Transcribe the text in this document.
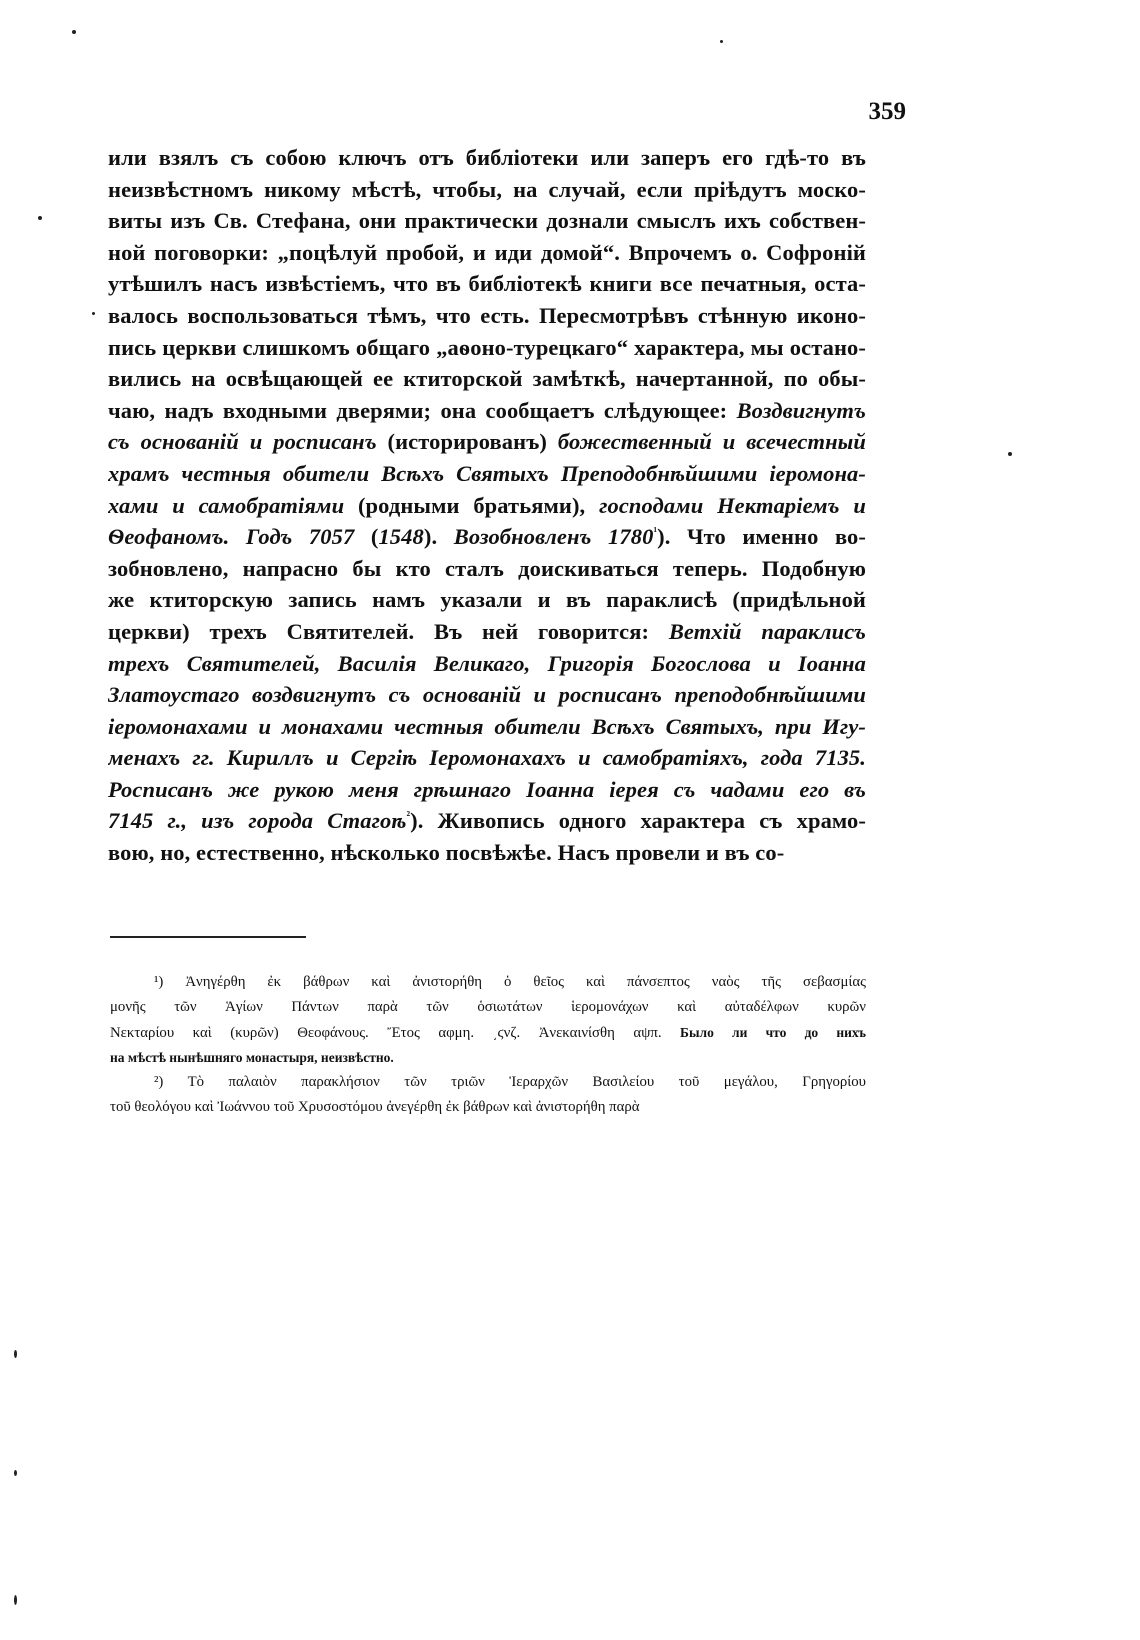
359
или взялъ съ собою ключъ отъ библіотеки или заперъ его гдѣ-то въ
неизвѣстномъ никому мѣстѣ, чтобы, на случай, если пріѣдутъ моско-
виты изъ Св. Стефана, они практически дознали смыслъ ихъ собствен-
ной поговорки: „поцѣлуй пробой, и иди домой“. Впрочемъ о. Софроній
утѣшилъ насъ извѣстіемъ, что въ библіотекѣ книги все печатныя, оста-
валось воспользоваться тѣмъ, что есть. Пересмотрѣвъ стѣнную иконо-
пись церкви слишкомъ общаго „аѳоно-турецкаго“ характера, мы остано-
вились на освѣщающей ее ктиторской замѣткѣ, начертанной, по обы-
чаю, надъ входными дверями; она сообщаетъ слѣдующее: Воздвигнутъ
съ основаній и росписанъ (исторированъ) божественный и всечестный
храмъ честныя обители Всѣхъ Святыхъ Преподобнѣйшими іеромона-
хами и самобратіями (родными братьями), господами Нектаріемъ и
Ѳеофаномъ. Годъ 7057 (1548). Возобновленъ $1780^{^1}$). Что именно во-
зобновлено, напрасно бы кто сталъ доискиваться теперь. Подобную
же ктиторскую запись намъ указали и въ параклисѣ (придѣльной
церкви) трехъ Святителей. Въ ней говорится: Ветхій параклисъ
трехъ Святителей, Василія Великаго, Григорія Богослова и Іоанна
Златоустаго воздвигнутъ съ основаній и росписанъ преподобнѣйшими
іеромонахами и монахами честныя обители Всѣхъ Святыхъ, при Игу-
менахъ гг. Кириллъ и Сергіѣ Іеромонахахъ и самобратіяхъ, года 7135.
Росписанъ же рукою меня грѣшнаго Іоанна іерея съ чадами его въ
7145 г., изъ города Стагоѣ$^{^2}$). Живопись одного характера съ храмо-
вою, но, естественно, нѣсколько посвѣжѣе. Насъ провели и въ со-
¹) Ἀνηγέρθη ἐκ βάθρων καὶ ἀνιστορήθη ὁ θεῖος καὶ πάνσεπτος ναὸς τῆς σεβασμίας
μονῆς τῶν Ἁγίων Πάντων παρὰ τῶν ὁσιωτάτων ἱερομονάχων καὶ αὐταδέλφων κυρῶν
Νεκταρίου καὶ (κυρῶν) Θεοφάνους. Ἔτος αφμη. ͵ϛνζ. Ἀνεκαινίσθη αψπ. Было ли что до нихъ
на мѣстѣ нынѣшняго монастыря, неизвѣстно.
²) Τὸ παλαιὸν παρακλήσιον τῶν τριῶν Ἱεραρχῶν Βασιλείου τοῦ μεγάλου, Γρηγορίου
τοῦ θεολόγου καὶ Ἰωάννου τοῦ Χρυσοστόμου ἀνεγέρθη ἐκ βάθρων καὶ ἀνιστορήθη παρὰ
